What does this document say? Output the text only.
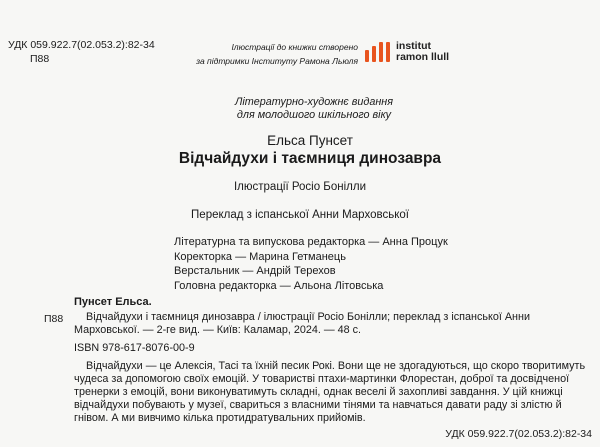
УДК 059.922.7(02.053.2):82-34
П88
Ілюстрації до книжки створено
за підтримки Інституту Рамона Льюля
institut
ramon llull
Літературно-художнє видання
для молодшого шкільного віку
Ельса Пунсет
Відчайдухи і таємниця динозавра
Ілюстрації Росіо Бонілли
Переклад з іспанської Анни Марховської
Літературна та випускова редакторка — Анна Процук
Коректорка — Марина Гетманець
Верстальник — Андрій Терехов
Головна редакторка — Альона Літовська
Пунсет Ельса.
П88	Відчайдухи і таємниця динозавра / ілюстрації Росіо Бонілли; переклад з іспанської Анни Марховської. — 2-ге вид. — Київ: Каламар, 2024. — 48 с.
ISBN 978-617-8076-00-9
Відчайдухи — це Алексія, Тасі та їхній песик Рокі. Вони ще не здогадуються, що скоро творитимуть чудеса за допомогою своїх емоцій. У товаристві птахи-мартинки Флорестан, доброї та досвідченої тренерки з емоцій, вони виконуватимуть складні, однак веселі й захопливі завдання. У цій книжці відчайдухи побувають у музеї, свариться з власними тінями та навчаться давати раду зі злістю й гнівом. А ми вивчимо кілька протидратувальних прийомів.
УДК 059.922.7(02.053.2):82-34
